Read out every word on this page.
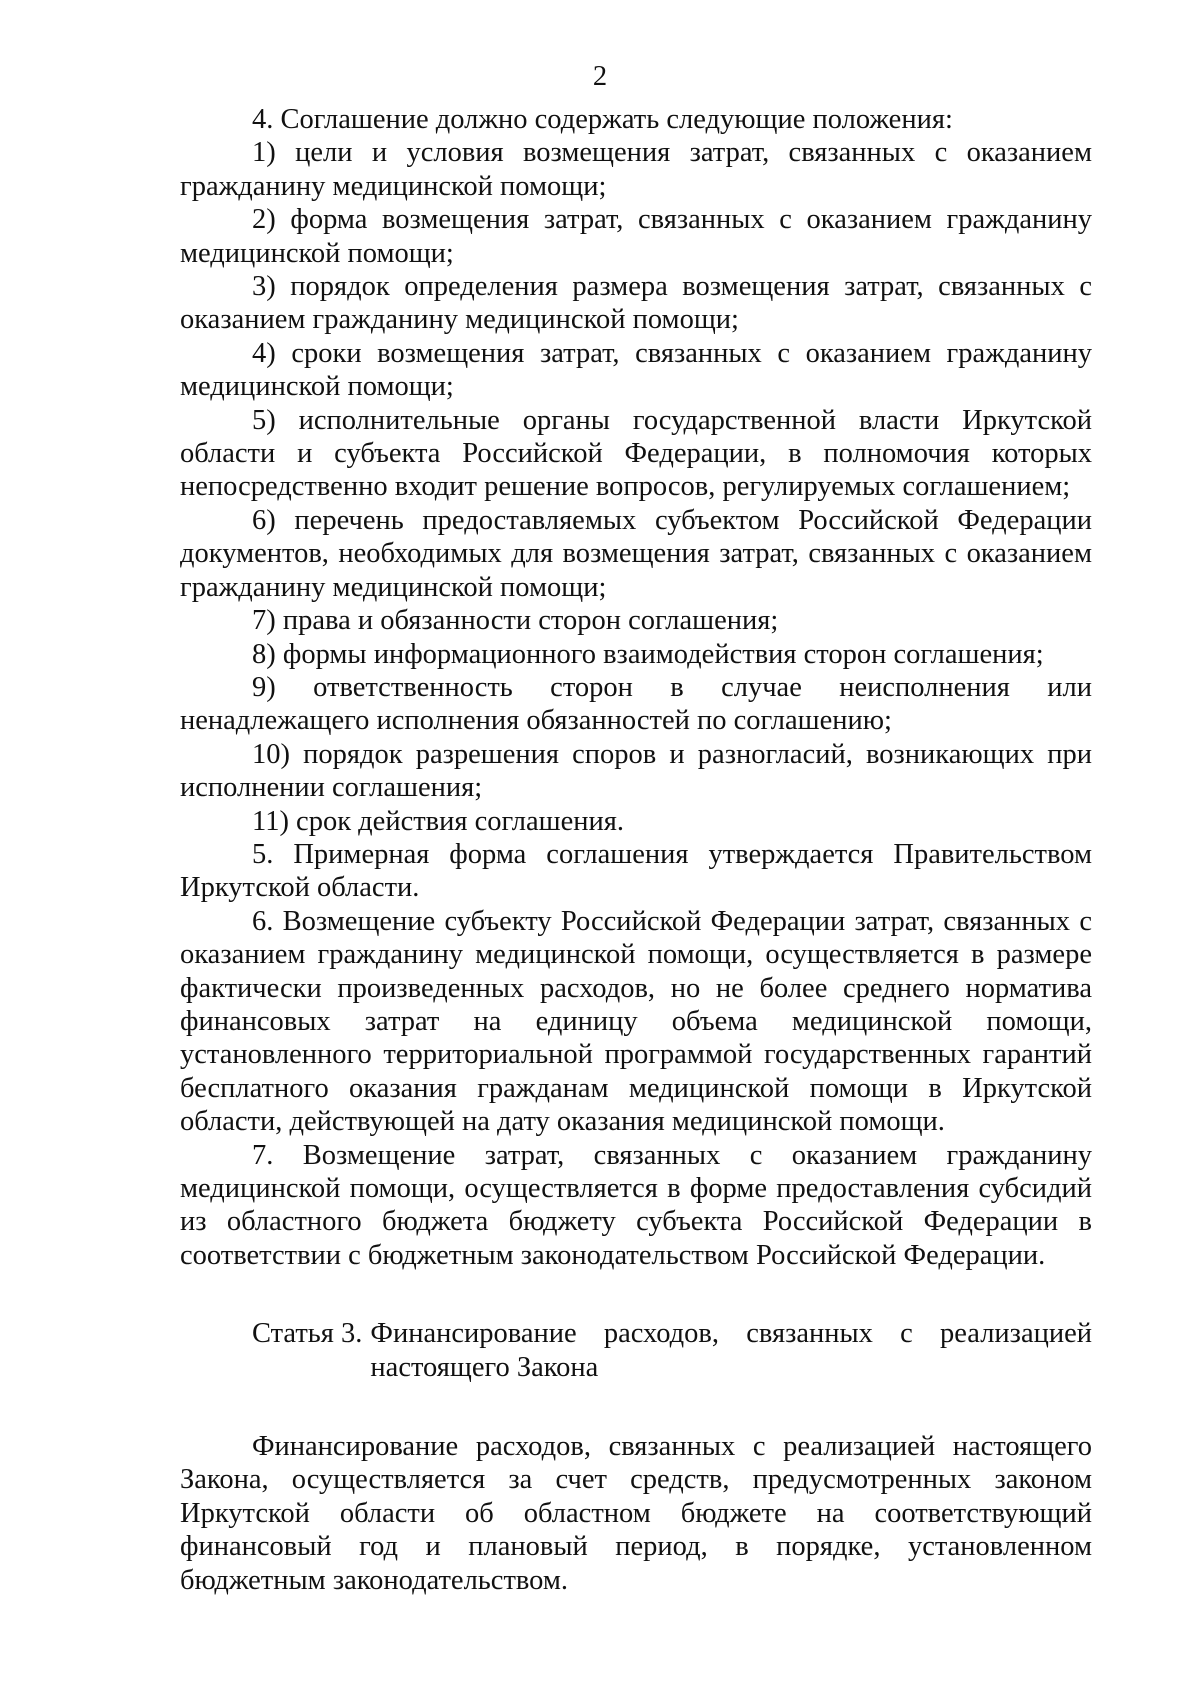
2

4. Соглашение должно содержать следующие положения:

1) цели и условия возмещения затрат, связанных с оказанием гражданину медицинской помощи;

2) форма возмещения затрат, связанных с оказанием гражданину медицинской помощи;

3) порядок определения размера возмещения затрат, связанных с оказанием гражданину медицинской помощи;

4) сроки возмещения затрат, связанных с оказанием гражданину медицинской помощи;

5) исполнительные органы государственной власти Иркутской области и субъекта Российской Федерации, в полномочия которых непосредственно входит решение вопросов, регулируемых соглашением;

6) перечень предоставляемых субъектом Российской Федерации документов, необходимых для возмещения затрат, связанных с оказанием гражданину медицинской помощи;

7) права и обязанности сторон соглашения;

8) формы информационного взаимодействия сторон соглашения;

9) ответственность сторон в случае неисполнения или ненадлежащего исполнения обязанностей по соглашению;

10) порядок разрешения споров и разногласий, возникающих при исполнении соглашения;

11) срок действия соглашения.

5. Примерная форма соглашения утверждается Правительством Иркутской области.

6. Возмещение субъекту Российской Федерации затрат, связанных с оказанием гражданину медицинской помощи, осуществляется в размере фактически произведенных расходов, но не более среднего норматива финансовых затрат на единицу объема медицинской помощи, установленного территориальной программой государственных гарантий бесплатного оказания гражданам медицинской помощи в Иркутской области, действующей на дату оказания медицинской помощи.

7. Возмещение затрат, связанных с оказанием гражданину медицинской помощи, осуществляется в форме предоставления субсидий из областного бюджета бюджету субъекта Российской Федерации в соответствии с бюджетным законодательством Российской Федерации.

Статья 3. Финансирование расходов, связанных с реализацией настоящего Закона

Финансирование расходов, связанных с реализацией настоящего Закона, осуществляется за счет средств, предусмотренных законом Иркутской области об областном бюджете на соответствующий финансовый год и плановый период, в порядке, установленном бюджетным законодательством.
